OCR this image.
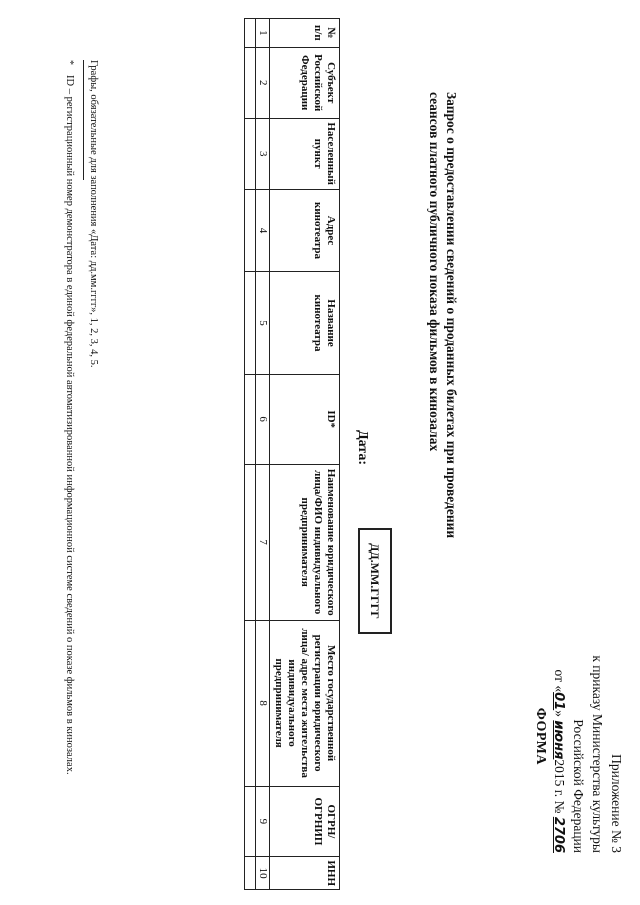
Приложение № 3
к приказу Министерства культуры
Российской Федерации
от «01» июня2015 г. № 2706
ФОРМА
Запрос о предоставлении сведений о проданных билетах при проведении сеансов платного публичного показа фильмов в кинозалах
Дата:
ДД.ММ.ГГГГ
№ п/п	Субъект Российской Федерации	Населенный пункт	Адрес кинотеатра	Название кинотеатра	ID*	Наименование юридического лица/ФИО индивидуального предпринимателя	Место государственной регистрации юридического лица/ адрес места жительства индивидуального предпринимателя	ОГРН/ ОГРНИП	ИНН
1	2	3	4	5	6	7	8	9	10

Графы, обязательные для заполнения «Дата: дд.мм.гггг», 1, 2, 3, 4, 5.
*ID – регистрационный номер демонстратора в единой федеральной автоматизированной информационной системе сведений о показе фильмов в кинозалах.
